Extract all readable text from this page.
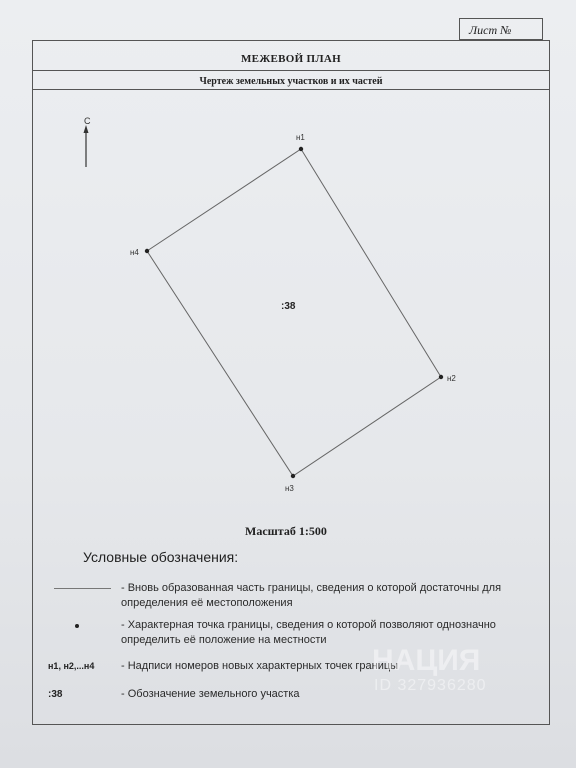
Лист №
МЕЖЕВОЙ ПЛАН
Чертеж земельных участков и их частей
С
н1
н2
н3
н4
:38
Масштаб 1:500
Условные обозначения:
- Вновь образованная часть границы, сведения о которой достаточны для определения её местоположения
- Характерная точка границы, сведения о которой позволяют однозначно определить её положение на местности
н1, н2,...н4 - Надписи номеров новых характерных точек границы
:38	- Обозначение земельного участка
НАЦИЯ
ID 327936280
